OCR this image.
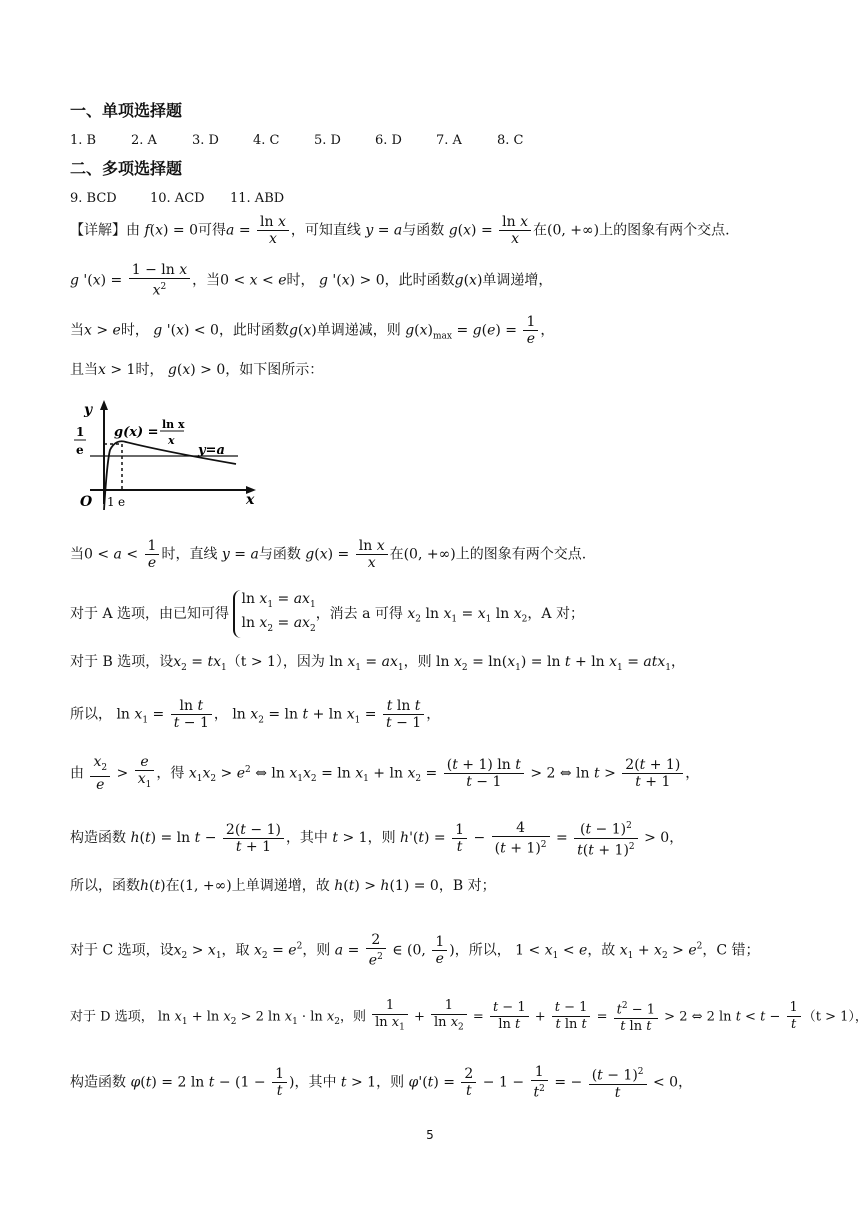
一、单项选择题
1. B	2. A	3. D	4. C	5. D	6. D	7. A	8. C
二、多项选择题
9. BCD	10. ACD 11. ABD
【详解】由 f(x) = 0可得$a = \frac{\text{ln x}}{x}$ ，可知直线 y = a与函数 $g(x) = \frac{\text{ln x}}{x}$ 在(0, +∞)上的图象有两个交点.
g '$(x) = \frac{\text{1 − ln x}}{x^2}$ ，当0 < x < e时， g '(x) > 0，此时函数g(x)单调递增，
当x > e时， g '(x) < 0，此时函数g(x)单调递减，则 $g(x)_{max} = g(e) = \frac{1}{e}$ ，
且当x > 1时， g(x) > 0，如下图所示：
y
x
O 1 e
1
e
g(x) =
ln x
x
y=a
当$0 < a < \frac{1}{e}$ 时，直线 y = a与函数 $g(x) = \frac{\text{ln x}}{x}$ 在(0, +∞)上的图象有两个交点.
对于 A 选项，由已知可得 $\ln x_1 = ax_1$
$\ln x_2 = ax_2$，消去 a 可得 $x_2$ $\ln x_1 = x_1$ $\ln x_2$，A 对；
对于 B 选项，设$x_2 = tx_1(t > 1)$，因为 $\ln x_1 = ax_1$，则 $\ln x_2 = \ln(x_1) = \ln t + \ln x_1 = atx_1$，
所以， $\ln x_1 = \frac{\text{ln t}}{t - 1}$ ， $\ln x_2 = \ln t + \ln x_1 = \frac{\text{t ln t}}{t - 1}$ ，
由 $\frac{x_2}{e} > \frac{e}{x_1}$ ，得 $x_1x_2 > e^2$ ⇔ $\ln x_1x_2 = \ln x_1 + \ln x_2 = \frac{\text{(t + 1) ln t}}{t - 1} > 2$ ⇔ $\ln t > \frac{2(t + 1)}{t + 1}$ ，
构造函数 $h(t) = \ln t - \frac{2(t - 1)}{t + 1}$ ，其中 t > 1，则 $h'(t) = \frac{1}{t} - \frac{4}{(t + 1)^2} = \frac{(t - 1)^2}{t(t + 1)^2} > 0$，
所以，函数h(t)在(1, +∞)上单调递增，故 h(t) > h(1) = 0，B 对；
对于 C 选项，设$x_2 > x_1$，取 $x_2 = e^2$，则 $a = \frac{2}{e^2}$ ∈ (0, $\frac{1}{e}$ )，所以， $1 < x_1 < e$，故 $x_1 + x_2 > e^2$，C 错；
对于 D 选项， $\ln x_1 + \ln x_2 > 2$ $\ln x_1 \cdot \ln x_2$，则 $\frac{1}{\ln x_1} + \frac{1}{\ln x_2} = \frac{t - 1}{\text{ln t}} + \frac{t - 1}{\text{t ln t}} = \frac{t^2 - 1}{\text{t ln t}} > 2$ ⇔ 2 $\ln t < t - \frac{1}{t} (t > 1)$，
构造函数 φ(t) = 2 $\ln t - (1 - \frac{1}{t}$ )，其中 t > 1，则 $\varphi'(t) = \frac{2}{t} - 1 - \frac{1}{t^2}$ = − $\frac{(t - 1)^2}{t} < 0$，
5
